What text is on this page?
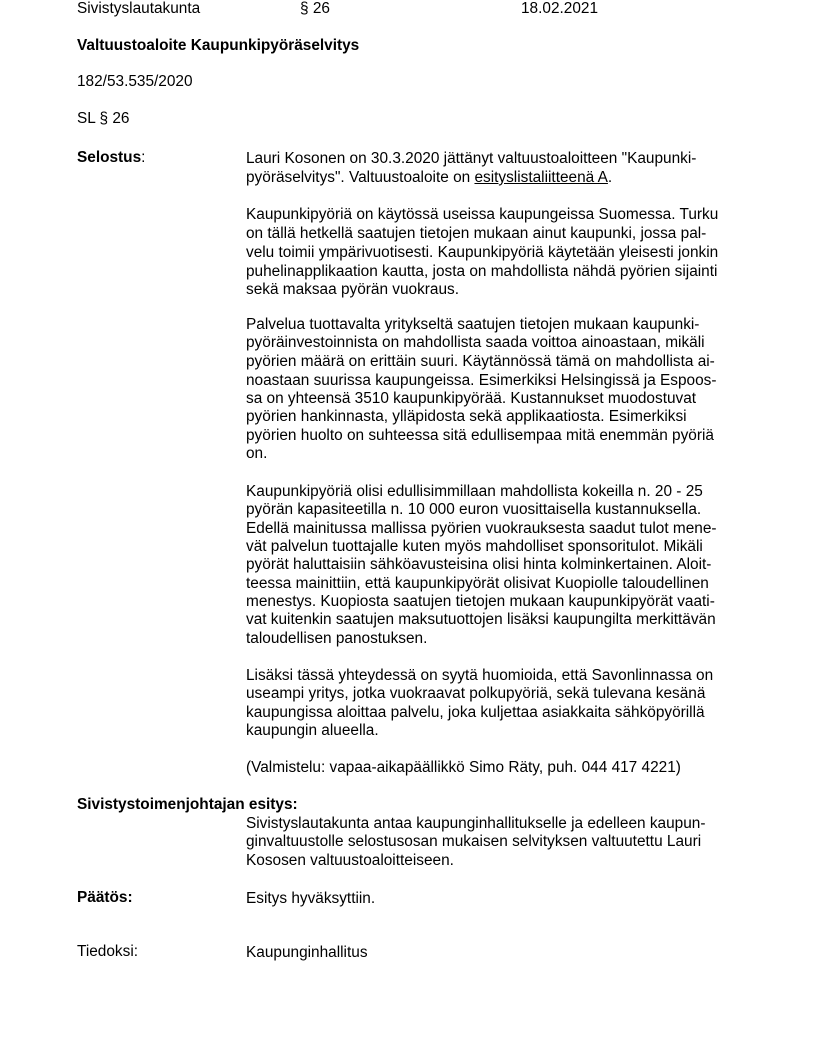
Sivistyslautakunta	§ 26	18.02.2021
Valtuustoaloite Kaupunkipyöräselvitys
182/53.535/2020
SL § 26
Selostus:	Lauri Kosonen on 30.3.2020 jättänyt valtuustoaloitteen "Kaupunki-
pyöräselvitys". Valtuustoaloite on esityslistaliitteenä A.
Kaupunkipyöriä on käytössä useissa kaupungeissa Suomessa. Turku
on tällä hetkellä saatujen tietojen mukaan ainut kaupunki, jossa pal-
velu toimii ympärivuotisesti. Kaupunkipyöriä käytetään yleisesti jonkin
puhelinapplikaation kautta, josta on mahdollista nähdä pyörien sijainti
sekä maksaa pyörän vuokraus.
Palvelua tuottavalta yritykseltä saatujen tietojen mukaan kaupunki-
pyöräinvestoinnista on mahdollista saada voittoa ainoastaan, mikäli
pyörien määrä on erittäin suuri. Käytännössä tämä on mahdollista ai-
noastaan suurissa kaupungeissa. Esimerkiksi Helsingissä ja Espoos-
sa on yhteensä 3510 kaupunkipyörää. Kustannukset muodostuvat
pyörien hankinnasta, ylläpidosta sekä applikaatiosta. Esimerkiksi
pyörien huolto on suhteessa sitä edullisempaa mitä enemmän pyöriä
on.
Kaupunkipyöriä olisi edullisimmillaan mahdollista kokeilla n. 20 - 25
pyörän kapasiteetilla n. 10 000 euron vuosittaisella kustannuksella.
Edellä mainitussa mallissa pyörien vuokrauksesta saadut tulot mene-
vät palvelun tuottajalle kuten myös mahdolliset sponsoritulot. Mikäli
pyörät haluttaisiin sähköavusteisina olisi hinta kolminkertainen. Aloit-
teessa mainittiin, että kaupunkipyörät olisivat Kuopiolle taloudellinen
menestys. Kuopiosta saatujen tietojen mukaan kaupunkipyörät vaati-
vat kuitenkin saatujen maksutuottojen lisäksi kaupungilta merkittävän
taloudellisen panostuksen.
Lisäksi tässä yhteydessä on syytä huomioida, että Savonlinnassa on
useampi yritys, jotka vuokraavat polkupyöriä, sekä tulevana kesänä
kaupungissa aloittaa palvelu, joka kuljettaa asiakkaita sähköpyörillä
kaupungin alueella.
(Valmistelu: vapaa-aikapäällikkö Simo Räty, puh. 044 417 4221)
Sivistystoimenjohtajan esitys:
Sivistyslautakunta antaa kaupunginhallitukselle ja edelleen kaupun-
ginvaltuustolle selostusosan mukaisen selvityksen valtuutettu Lauri
Kososen valtuustoaloitteiseen.
Päätös:	Esitys hyväksyttiin.
Tiedoksi:	Kaupunginhallitus
